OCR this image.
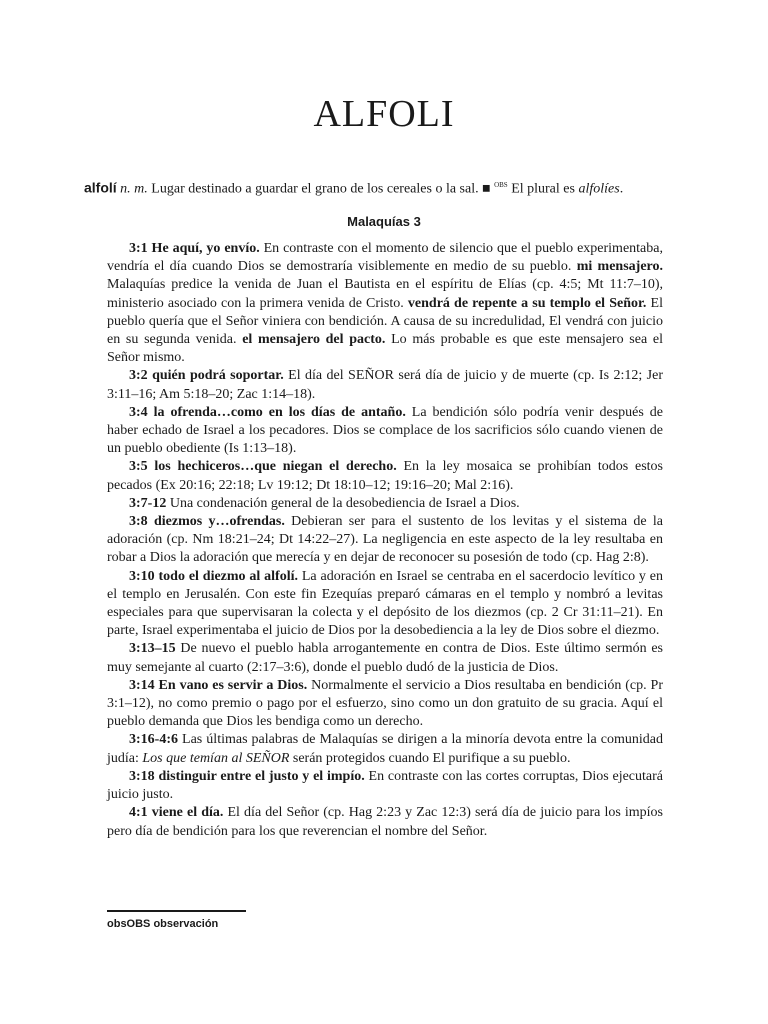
ALFOLI
alfolí n. m. Lugar destinado a guardar el grano de los cereales o la sal. ■ $^{OBS}$ El plural es alfolíes.
Malaquías 3

3:1 He aquí, yo envío. En contraste con el momento de silencio que el pueblo experimentaba, vendría el día cuando Dios se demostraría visiblemente en medio de su pueblo. mi mensajero. Malaquías predice la venida de Juan el Bautista en el espíritu de Elías (cp. 4:5; Mt 11:7–10), ministerio asociado con la primera venida de Cristo. vendrá de repente a su templo el Señor. El pueblo quería que el Señor viniera con bendición. A causa de su incredulidad, El vendrá con juicio en su segunda venida. el mensajero del pacto. Lo más probable es que este mensajero sea el Señor mismo.

3:2 quién podrá soportar. El día del SEÑOR será día de juicio y de muerte (cp. Is 2:12; Jer 3:11–16; Am 5:18–20; Zac 1:14–18).

3:4 la ofrenda…como en los días de antaño. La bendición sólo podría venir después de haber echado de Israel a los pecadores. Dios se complace de los sacrificios sólo cuando vienen de un pueblo obediente (Is 1:13–18).

3:5 los hechiceros…que niegan el derecho. En la ley mosaica se prohibían todos estos pecados (Ex 20:16; 22:18; Lv 19:12; Dt 18:10–12; 19:16–20; Mal 2:16).

3:7-12 Una condenación general de la desobediencia de Israel a Dios.

3:8 diezmos y…ofrendas. Debieran ser para el sustento de los levitas y el sistema de la adoración (cp. Nm 18:21–24; Dt 14:22–27). La negligencia en este aspecto de la ley resultaba en robar a Dios la adoración que merecía y en dejar de reconocer su posesión de todo (cp. Hag 2:8).

3:10 todo el diezmo al alfolí. La adoración en Israel se centraba en el sacerdocio levítico y en el templo en Jerusalén. Con este fin Ezequías preparó cámaras en el templo y nombró a levitas especiales para que supervisaran la colecta y el depósito de los diezmos (cp. 2 Cr 31:11–21). En parte, Israel experimentaba el juicio de Dios por la desobediencia a la ley de Dios sobre el diezmo.

3:13–15 De nuevo el pueblo habla arrogantemente en contra de Dios. Este último sermón es muy semejante al cuarto (2:17–3:6), donde el pueblo dudó de la justicia de Dios.

3:14 En vano es servir a Dios. Normalmente el servicio a Dios resultaba en bendición (cp. Pr 3:1–12), no como premio o pago por el esfuerzo, sino como un don gratuito de su gracia. Aquí el pueblo demanda que Dios les bendiga como un derecho.

3:16-4:6 Las últimas palabras de Malaquías se dirigen a la minoría devota entre la comunidad judía: Los que temían al SEÑOR serán protegidos cuando El purifique a su pueblo.

3:18 distinguir entre el justo y el impío. En contraste con las cortes corruptas, Dios ejecutará juicio justo.

4:1 viene el día. El día del Señor (cp. Hag 2:23 y Zac 12:3) será día de juicio para los impíos pero día de bendición para los que reverencian el nombre del Señor.

obsOBS observación
